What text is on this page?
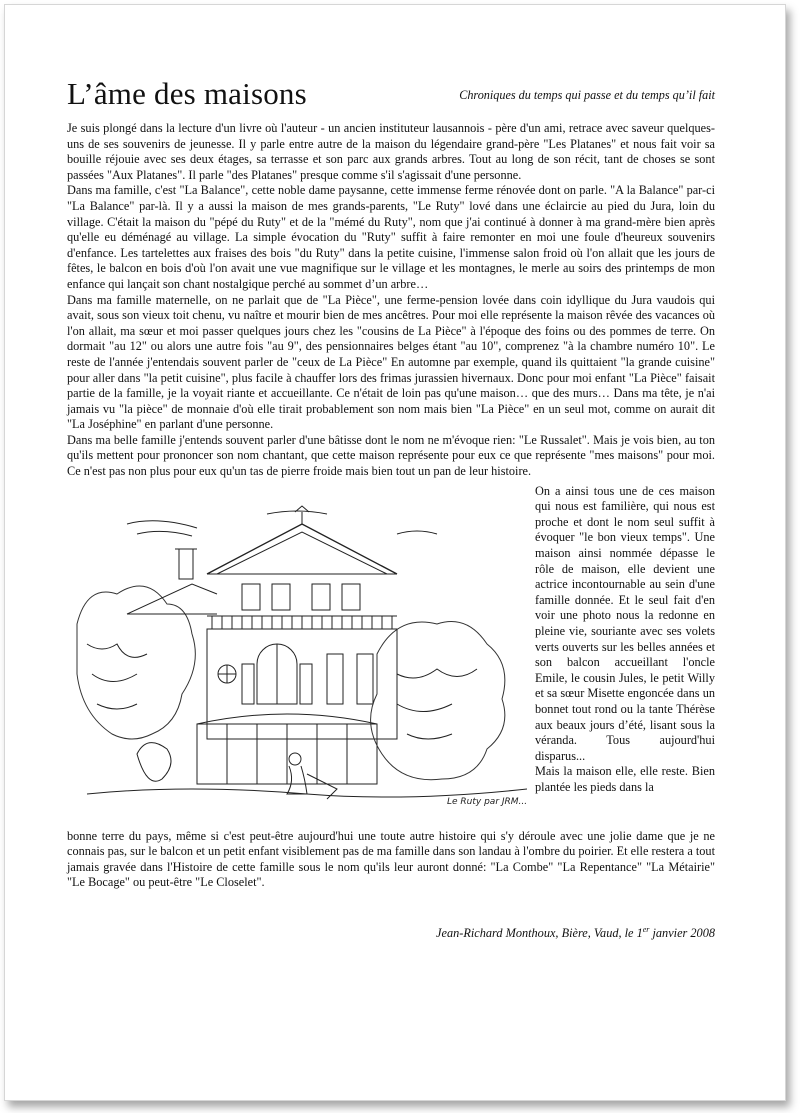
L’âme des maisons	Chroniques du temps qui passe et du temps qu’il fait

Je suis plongé dans la lecture d'un livre où l'auteur - un ancien instituteur lausannois - père d'un ami, retrace avec saveur quelques-uns de ses souvenirs de jeunesse. Il y parle entre autre de la maison du légendaire grand-père "Les Platanes" et nous fait voir sa bouille réjouie avec ses deux étages, sa terrasse et son parc aux grands arbres. Tout au long de son récit, tant de choses se sont passées "Aux Platanes". Il parle "des Platanes" presque comme s'il s'agissait d'une personne.

Dans ma famille, c'est "La Balance", cette noble dame paysanne, cette immense ferme rénovée dont on parle. "A la Balance" par-ci "La Balance" par-là. Il y a aussi la maison de mes grands-parents, "Le Ruty" lové dans une éclaircie au pied du Jura, loin du village. C'était la maison du "pépé du Ruty" et de la "mémé du Ruty", nom que j'ai continué à donner à ma grand-mère bien après qu'elle eu déménagé au village. La simple évocation du "Ruty" suffit à faire remonter en moi une foule d'heureux souvenirs d'enfance. Les tartelettes aux fraises des bois "du Ruty" dans la petite cuisine, l'immense salon froid où l'on allait que les jours de fêtes, le balcon en bois d'où l'on avait une vue magnifique sur le village et les montagnes, le merle au soirs des printemps de mon enfance qui lançait son chant nostalgique perché au sommet d’un arbre…

Dans ma famille maternelle, on ne parlait que de "La Pièce", une ferme-pension lovée dans coin idyllique du Jura vaudois qui avait, sous son vieux toit chenu, vu naître et mourir bien de mes ancêtres. Pour moi elle représente la maison rêvée des vacances où l'on allait, ma sœur et moi passer quelques jours chez les "cousins de La Pièce" à l'époque des foins ou des pommes de terre. On dormait "au 12" ou alors une autre fois "au 9", des pensionnaires belges étant "au 10", comprenez "à la chambre numéro 10". Le reste de l'année j'entendais souvent parler de "ceux de La Pièce" En automne par exemple, quand ils quittaient "la grande cuisine" pour aller dans "la petit cuisine", plus facile à chauffer lors des frimas jurassien hivernaux. Donc pour moi enfant "La Pièce" faisait partie de la famille, je la voyait riante et accueillante. Ce n'était de loin pas qu'une maison… que des murs… Dans ma tête, je n'ai jamais vu "la pièce" de monnaie d'où elle tirait probablement son nom mais bien "La Pièce" en un seul mot, comme on aurait dit "La Joséphine" en parlant d'une personne.

Dans ma belle famille j'entends souvent parler d'une bâtisse dont le nom ne m'évoque rien: "Le Russalet". Mais je vois bien, au ton qu'ils mettent pour prononcer son nom chantant, que cette maison représente pour eux ce que représente "mes maisons" pour moi. Ce n'est pas non plus pour eux qu'un tas de pierre froide mais bien tout un pan de leur histoire.

Le Ruty par JRM...

On a ainsi tous une de ces maison qui nous est familière, qui nous est proche et dont le nom seul suffit à évoquer "le bon vieux temps". Une maison ainsi nommée dépasse le rôle de maison, elle devient une actrice incontournable au sein d'une famille donnée. Et le seul fait d'en voir une photo nous la redonne en pleine vie, souriante avec ses volets verts ouverts sur les belles années et son balcon accueillant l'oncle Emile, le cousin Jules, le petit Willy et sa sœur Misette engoncée dans un bonnet tout rond ou la tante Thérèse aux beaux jours d’été, lisant sous la véranda. Tous aujourd'hui disparus...

Mais la maison elle, elle reste. Bien plantée les pieds dans la

bonne terre du pays, même si c'est peut-être aujourd'hui une toute autre histoire qui s'y déroule avec une jolie dame que je ne connais pas, sur le balcon et un petit enfant visiblement pas de ma famille dans son landau à l'ombre du poirier. Et elle restera a tout jamais gravée dans l'Histoire de cette famille sous le nom qu'ils leur auront donné: "La Combe" "La Repentance" "La Métairie" "Le Bocage" ou peut-être "Le Closelet".
Jean-Richard Monthoux, Bière, Vaud, le 1er janvier 2008
